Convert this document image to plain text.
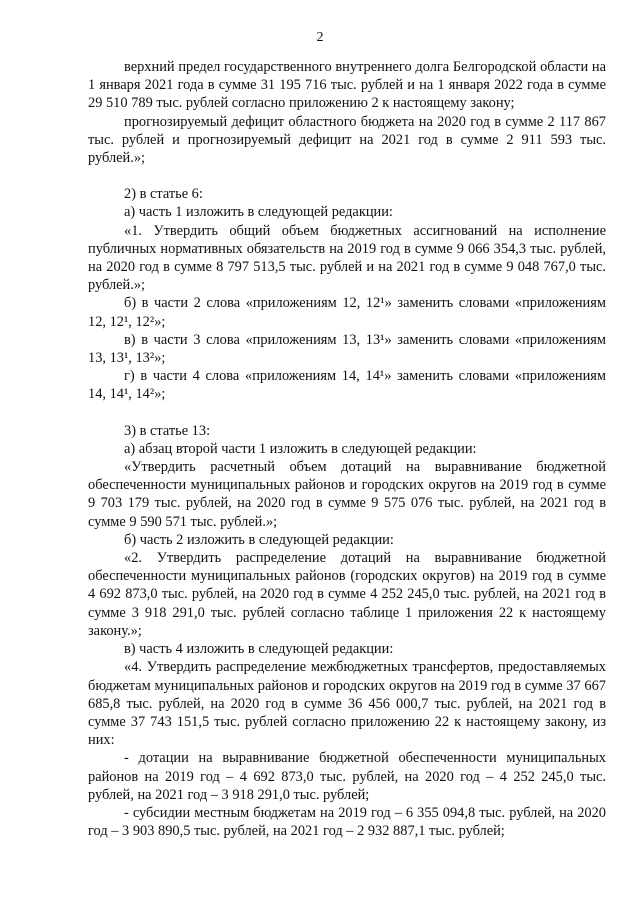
2

верхний предел государственного внутреннего долга Белгородской области на 1 января 2021 года в сумме 31 195 716 тыс. рублей и на 1 января 2022 года в сумме 29 510 789 тыс. рублей согласно приложению 2 к настоящему закону;

прогнозируемый дефицит областного бюджета на 2020 год в сумме 2 117 867 тыс. рублей и прогнозируемый дефицит на 2021 год в сумме 2 911 593 тыс. рублей.»;

2) в статье 6:

а) часть 1 изложить в следующей редакции:

«1. Утвердить общий объем бюджетных ассигнований на исполнение публичных нормативных обязательств на 2019 год в сумме 9 066 354,3 тыс. рублей, на 2020 год в сумме 8 797 513,5 тыс. рублей и на 2021 год в сумме 9 048 767,0 тыс. рублей.»;

б) в части 2 слова «приложениям 12, 12¹» заменить словами «приложениям 12, 12¹, 12²»;

в) в части 3 слова «приложениям 13, 13¹» заменить словами «приложениям 13, 13¹, 13²»;

г) в части 4 слова «приложениям 14, 14¹» заменить словами «приложениям 14, 14¹, 14²»;

3) в статье 13:

а) абзац второй части 1 изложить в следующей редакции:

«Утвердить расчетный объем дотаций на выравнивание бюджетной обеспеченности муниципальных районов и городских округов на 2019 год в сумме 9 703 179 тыс. рублей, на 2020 год в сумме 9 575 076 тыс. рублей, на 2021 год в сумме 9 590 571 тыс. рублей.»;

б) часть 2 изложить в следующей редакции:

«2. Утвердить распределение дотаций на выравнивание бюджетной обеспеченности муниципальных районов (городских округов) на 2019 год в сумме 4 692 873,0 тыс. рублей, на 2020 год в сумме 4 252 245,0 тыс. рублей, на 2021 год в сумме 3 918 291,0 тыс. рублей согласно таблице 1 приложения 22 к настоящему закону.»;

в) часть 4 изложить в следующей редакции:

«4. Утвердить распределение межбюджетных трансфертов, предоставляемых бюджетам муниципальных районов и городских округов на 2019 год в сумме 37 667 685,8 тыс. рублей, на 2020 год в сумме 36 456 000,7 тыс. рублей, на 2021 год в сумме 37 743 151,5 тыс. рублей согласно приложению 22 к настоящему закону, из них:

- дотации на выравнивание бюджетной обеспеченности муниципальных районов на 2019 год – 4 692 873,0 тыс. рублей, на 2020 год – 4 252 245,0 тыс. рублей, на 2021 год – 3 918 291,0 тыс. рублей;

- субсидии местным бюджетам на 2019 год – 6 355 094,8 тыс. рублей, на 2020 год – 3 903 890,5 тыс. рублей, на 2021 год – 2 932 887,1 тыс. рублей;
